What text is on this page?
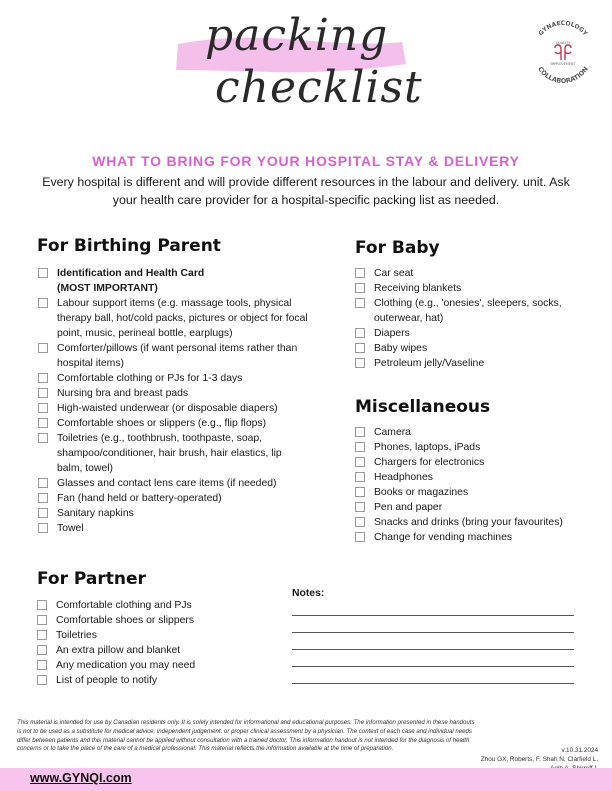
packing
checklist
GYNAECOLOGY
COLLABORATION
QUALITY
IMPROVEMENT
WHAT TO BRING FOR YOUR HOSPITAL STAY & DELIVERY
Every hospital is different and will provide different resources in the labour and delivery. unit. Ask your health care provider for a hospital-specific packing list as needed.
For Birthing Parent
Identification and Health Card
(MOST IMPORTANT)
Labour support items (e.g. massage tools, physical therapy ball, hot/cold packs, pictures or object for focal point, music, perineal bottle, earplugs)
Comforter/pillows (if want personal items rather than hospital items)
Comfortable clothing or PJs for 1-3 days
Nursing bra and breast pads
High-waisted underwear (or disposable diapers)
Comfortable shoes or slippers (e.g., flip flops)
Toiletries (e.g., toothbrush, toothpaste, soap, shampoo/conditioner, hair brush, hair elastics, lip balm, towel)
Glasses and contact lens care items (if needed)
Fan (hand held or battery-operated)
Sanitary napkins
Towel
For Baby
Car seat
Receiving blankets
Clothing (e.g., 'onesies', sleepers, socks, outerwear, hat)
Diapers
Baby wipes
Petroleum jelly/Vaseline
Miscellaneous
Camera
Phones, laptops, iPads
Chargers for electronics
Headphones
Books or magazines
Pen and paper
Snacks and drinks (bring your favourites)
Change for vending machines
For Partner
Comfortable clothing and PJs
Comfortable shoes or slippers
Toiletries
An extra pillow and blanket
Any medication you may need
List of people to notify
Notes:
This material is intended for use by Canadian residents only. It is solely intended for informational and educational purposes. The information presented in these handouts is not to be used as a substitute for medical advice, independent judgement, or proper clinical assessment by a physician. The context of each case and individual needs differ between patients and this material cannot be applied without consultation with a trained doctor. This information handout is not intended for the diagnosis of health concerns or to take the place of the care of a medical professional. This material reflects the information available at the time of preparation.	v.10.31.2024
Zhou GX, Roberts, F, Shah N, Clarfield L,
www.GYNQI.com
